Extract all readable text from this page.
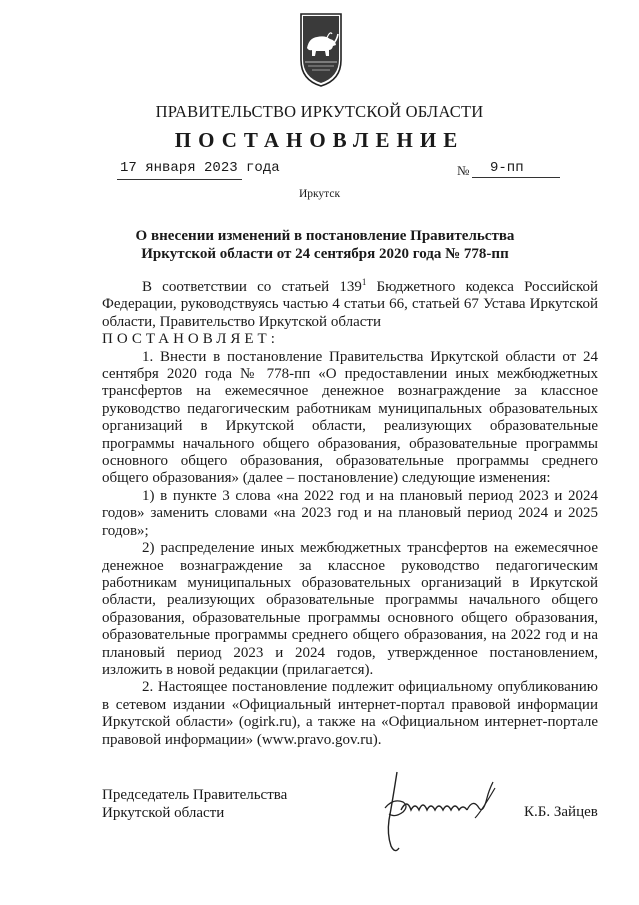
ПРАВИТЕЛЬСТВО ИРКУТСКОЙ ОБЛАСТИ
ПОСТАНОВЛЕНИЕ
17 января 2023 года	№ 9-пп
Иркутск
О внесении изменений в постановление Правительства Иркутской области от 24 сентября 2020 года № 778-пп

В соответствии со статьей $139^1$ Бюджетного кодекса Российской Федерации, руководствуясь частью 4 статьи 66, статьей 67 Устава Иркутской области, Правительство Иркутской области

ПОСТАНОВЛЯЕТ:

1. Внести в постановление Правительства Иркутской области от 24 сентября 2020 года № 778-пп «О предоставлении иных межбюджетных трансфертов на ежемесячное денежное вознаграждение за классное руководство педагогическим работникам муниципальных образовательных организаций в Иркутской области, реализующих образовательные программы начального общего образования, образовательные программы основного общего образования, образовательные программы среднего общего образования» (далее – постановление) следующие изменения:

1) в пункте 3 слова «на 2022 год и на плановый период 2023 и 2024 годов» заменить словами «на 2023 год и на плановый период 2024 и 2025 годов»;

2) распределение иных межбюджетных трансфертов на ежемесячное денежное вознаграждение за классное руководство педагогическим работникам муниципальных образовательных организаций в Иркутской области, реализующих образовательные программы начального общего образования, образовательные программы основного общего образования, образовательные программы среднего общего образования, на 2022 год и на плановый период 2023 и 2024 годов, утвержденное постановлением, изложить в новой редакции (прилагается).

2. Настоящее постановление подлежит официальному опубликованию в сетевом издании «Официальный интернет-портал правовой информации Иркутской области» (ogirk.ru), а также на «Официальном интернет-портале правовой информации» (www.pravo.gov.ru).

Председатель Правительства
Иркутской области	К.Б. Зайцев
